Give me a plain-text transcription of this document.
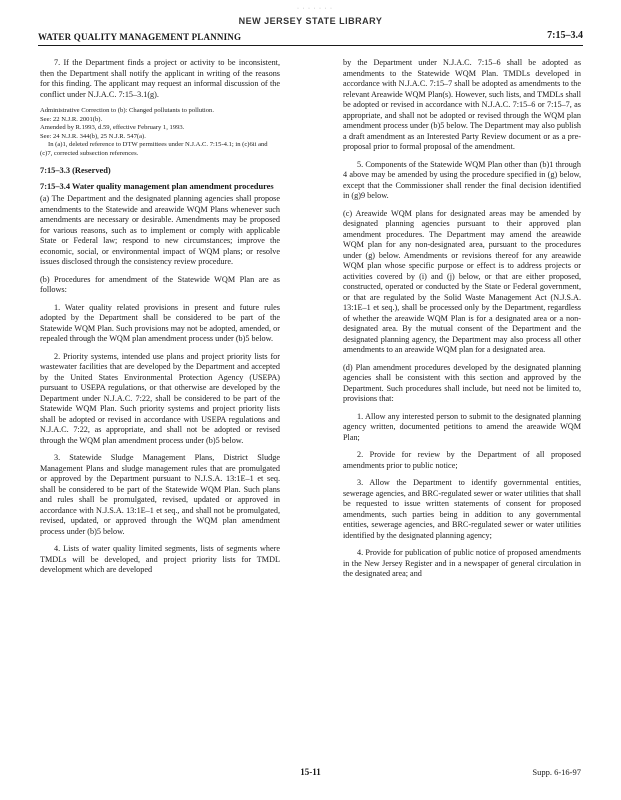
· · · · · · ·
NEW JERSEY STATE LIBRARY
WATER QUALITY MANAGEMENT PLANNING	7:15–3.4

7. If the Department finds a project or activity to be inconsistent, then the Department shall notify the applicant in writing of the reasons for this finding. The applicant may request an informal discussion of the conflict under N.J.A.C. 7:15–3.1(g).

Administrative Correction to (b): Changed pollutants to pollution.
See: 22 N.J.R. 2001(b).
Amended by R.1993, d.59, effective February 1, 1993.
See: 24 N.J.R. 344(b), 25 N.J.R. 547(a).
In (a)1, deleted reference to DTW permittees under N.J.A.C. 7:15-4.1; in (c)6ii and (c)7, corrected subsection references.
7:15–3.3 (Reserved)
7:15–3.4 Water quality management plan amendment procedures

(a) The Department and the designated planning agencies shall propose amendments to the Statewide and areawide WQM Plans whenever such amendments are necessary or desirable. Amendments may be proposed for various reasons, such as to implement or comply with applicable State or Federal law; respond to new circumstances; improve the economic, social, or environmental impact of WQM plans; or resolve issues disclosed through the consistency review procedure.

(b) Procedures for amendment of the Statewide WQM Plan are as follows:

1. Water quality related provisions in present and future rules adopted by the Department shall be considered to be part of the Statewide WQM Plan. Such provisions may not be adopted, amended, or repealed through the WQM plan amendment process under (b)5 below.

2. Priority systems, intended use plans and project priority lists for wastewater facilities that are developed by the Department and accepted by the United States Environmental Protection Agency (USEPA) pursuant to USEPA regulations, or that otherwise are developed by the Department under N.J.A.C. 7:22, shall be considered to be part of the Statewide WQM Plan. Such priority systems and project priority lists shall be adopted or revised in accordance with USEPA regulations and N.J.A.C. 7:22, as appropriate, and shall not be adopted or revised through the WQM plan amendment process under (b)5 below.

3. Statewide Sludge Management Plans, District Sludge Management Plans and sludge management rules that are promulgated or approved by the Department pursuant to N.J.S.A. 13:1E–1 et seq. shall be considered to be part of the Statewide WQM Plan. Such plans and rules shall be promulgated, revised, updated or approved in accordance with N.J.S.A. 13:1E–1 et seq., and shall not be promulgated, revised, updated, or approved through the WQM plan amendment process under (b)5 below.

4. Lists of water quality limited segments, lists of segments where TMDLs will be developed, and project priority lists for TMDL development which are developed

by the Department under N.J.A.C. 7:15–6 shall be adopted as amendments to the Statewide WQM Plan. TMDLs developed in accordance with N.J.A.C. 7:15–7 shall be adopted as amendments to the relevant Areawide WQM Plan(s). However, such lists, and TMDLs shall be adopted or revised in accordance with N.J.A.C. 7:15–6 or 7:15–7, as appropriate, and shall not be adopted or revised through the WQM plan amendment process under (b)5 below. The Department may also publish a draft amendment as an Interested Party Review document or as a pre-proposal prior to formal proposal of the amendment.

5. Components of the Statewide WQM Plan other than (b)1 through 4 above may be amended by using the procedure specified in (g) below, except that the Commissioner shall render the final decision identified in (g)9 below.

(c) Areawide WQM plans for designated areas may be amended by designated planning agencies pursuant to their approved plan amendment procedures. The Department may amend the areawide WQM plan for any non-designated area, pursuant to the procedures under (g) below. Amendments or revisions thereof for any areawide WQM plan whose specific purpose or effect is to address projects or activities covered by (i) and (j) below, or that are either proposed, constructed, operated or conducted by the State or Federal government, or that are regulated by the Solid Waste Management Act (N.J.S.A. 13:1E–1 et seq.), shall be processed only by the Department, regardless of whether the areawide WQM Plan is for a designated area or a non-designated area. By the mutual consent of the Department and the designated planning agency, the Department may also process all other amendments to an areawide WQM plan for a designated area.

(d) Plan amendment procedures developed by the designated planning agencies shall be consistent with this section and approved by the Department. Such procedures shall include, but need not be limited to, provisions that:

1. Allow any interested person to submit to the designated planning agency written, documented petitions to amend the areawide WQM Plan;

2. Provide for review by the Department of all proposed amendments prior to public notice;

3. Allow the Department to identify governmental entities, sewerage agencies, and BRC-regulated sewer or water utilities that shall be requested to issue written statements of consent for proposed amendments, such parties being in addition to any governmental entities, sewerage agencies, and BRC-regulated sewer or water utilities identified by the designated planning agency;

4. Provide for publication of public notice of proposed amendments in the New Jersey Register and in a newspaper of general circulation in the designated area; and

15-11	Supp. 6-16-97
